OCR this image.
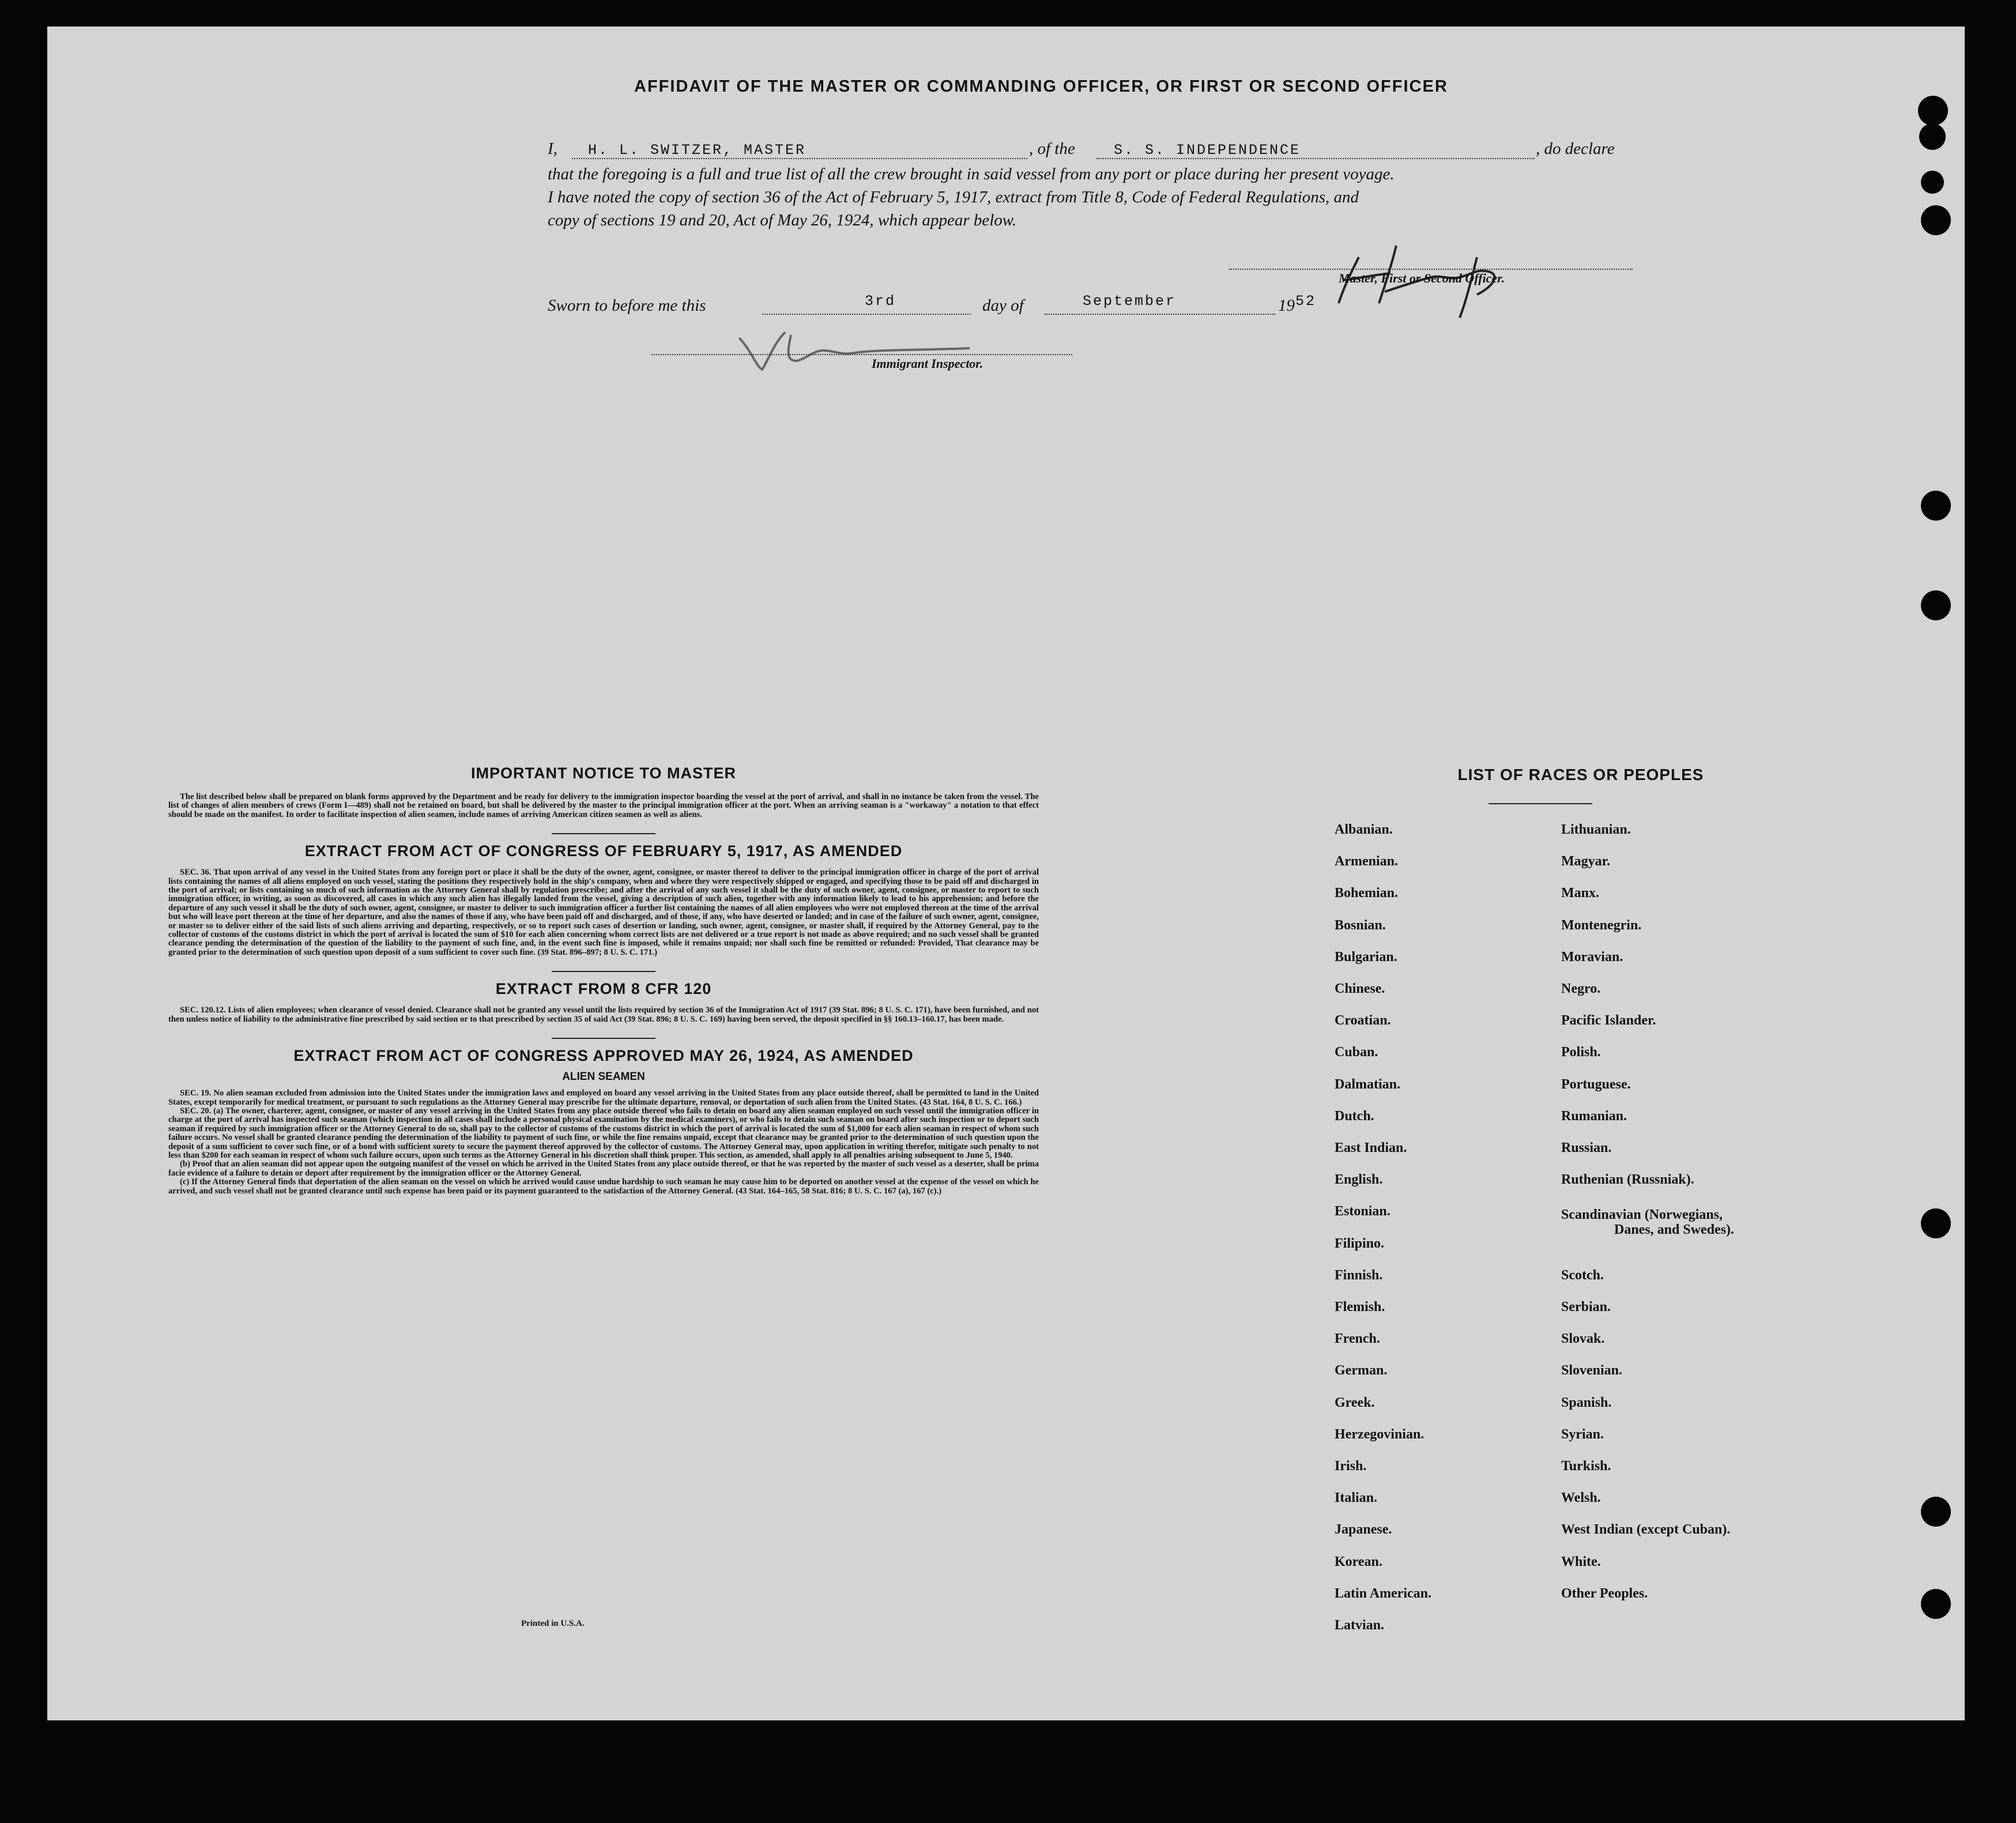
AFFIDAVIT OF THE MASTER OR COMMANDING OFFICER, OR FIRST OR SECOND OFFICER
I, H. L. SWITZER, MASTER	, of the	S. S. INDEPENDENCE	, do declare
that the foregoing is a full and true list of all the crew brought in said vessel from any port or place during her present voyage.
I have noted the copy of section 36 of the Act of February 5, 1917, extract from Title 8, Code of Federal Regulations, and
copy of sections 19 and 20, Act of May 26, 1924, which appear below.
Master, First or Second Officer.
Sworn to before me this	3rd	day of	September	19 52
Immigrant Inspector.
IMPORTANT NOTICE TO MASTER

The list described below shall be prepared on blank forms approved by the Department and be ready for delivery to the immigration inspector boarding the vessel at the port of arrival, and shall in no instance be taken from the vessel. The list of changes of alien members of crews (Form I—489) shall not be retained on board, but shall be delivered by the master to the principal immigration officer at the port. When an arriving seaman is a "workaway" a notation to that effect should be made on the manifest. In order to facilitate inspection of alien seamen, include names of arriving American citizen seamen as well as aliens.

EXTRACT FROM ACT OF CONGRESS OF FEBRUARY 5, 1917, AS AMENDED

SEC. 36. That upon arrival of any vessel in the United States from any foreign port or place it shall be the duty of the owner, agent, consignee, or master thereof to deliver to the principal immigration officer in charge of the port of arrival lists containing the names of all aliens employed on such vessel, stating the positions they respectively hold in the ship's company, when and where they were respectively shipped or engaged, and specifying those to be paid off and discharged in the port of arrival; or lists containing so much of such information as the Attorney General shall by regulation prescribe; and after the arrival of any such vessel it shall be the duty of such owner, agent, consignee, or master to report to such immigration officer, in writing, as soon as discovered, all cases in which any such alien has illegally landed from the vessel, giving a description of such alien, together with any information likely to lead to his apprehension; and before the departure of any such vessel it shall be the duty of such owner, agent, consignee, or master to deliver to such immigration officer a further list containing the names of all alien employees who were not employed thereon at the time of the arrival but who will leave port thereon at the time of her departure, and also the names of those if any, who have been paid off and discharged, and of those, if any, who have deserted or landed; and in case of the failure of such owner, agent, consignee, or master so to deliver either of the said lists of such aliens arriving and departing, respectively, or so to report such cases of desertion or landing, such owner, agent, consignee, or master shall, if required by the Attorney General, pay to the collector of customs of the customs district in which the port of arrival is located the sum of $10 for each alien concerning whom correct lists are not delivered or a true report is not made as above required; and no such vessel shall be granted clearance pending the determination of the question of the liability to the payment of such fine, and, in the event such fine is imposed, while it remains unpaid; nor shall such fine be remitted or refunded: Provided, That clearance may be granted prior to the determination of such question upon deposit of a sum sufficient to cover such fine. (39 Stat. 896–897; 8 U. S. C. 171.)

EXTRACT FROM 8 CFR 120

SEC. 120.12. Lists of alien employees; when clearance of vessel denied. Clearance shall not be granted any vessel until the lists required by section 36 of the Immigration Act of 1917 (39 Stat. 896; 8 U. S. C. 171), have been furnished, and not then unless notice of liability to the administrative fine prescribed by said section or to that prescribed by section 35 of said Act (39 Stat. 896; 8 U. S. C. 169) having been served, the deposit specified in §§ 160.13–160.17, has been made.

EXTRACT FROM ACT OF CONGRESS APPROVED MAY 26, 1924, AS AMENDED
ALIEN SEAMEN

SEC. 19. No alien seaman excluded from admission into the United States under the immigration laws and employed on board any vessel arriving in the United States from any place outside thereof, shall be permitted to land in the United States, except temporarily for medical treatment, or pursuant to such regulations as the Attorney General may prescribe for the ultimate departure, removal, or deportation of such alien from the United States. (43 Stat. 164, 8 U. S. C. 166.)

SEC. 20. (a) The owner, charterer, agent, consignee, or master of any vessel arriving in the United States from any place outside thereof who fails to detain on board any alien seaman employed on such vessel until the immigration officer in charge at the port of arrival has inspected such seaman (which inspection in all cases shall include a personal physical examination by the medical examiners), or who fails to detain such seaman on board after such inspection or to deport such seaman if required by such immigration officer or the Attorney General to do so, shall pay to the collector of customs of the customs district in which the port of arrival is located the sum of $1,000 for each alien seaman in respect of whom such failure occurs. No vessel shall be granted clearance pending the determination of the liability to payment of such fine, or while the fine remains unpaid, except that clearance may be granted prior to the determination of such question upon the deposit of a sum sufficient to cover such fine, or of a bond with sufficient surety to secure the payment thereof approved by the collector of customs. The Attorney General may, upon application in writing therefor, mitigate such penalty to not less than $200 for each seaman in respect of whom such failure occurs, upon such terms as the Attorney General in his discretion shall think proper. This section, as amended, shall apply to all penalties arising subsequent to June 5, 1940.

(b) Proof that an alien seaman did not appear upon the outgoing manifest of the vessel on which he arrived in the United States from any place outside thereof, or that he was reported by the master of such vessel as a deserter, shall be prima facie evidence of a failure to detain or deport after requirement by the immigration officer or the Attorney General.

(c) If the Attorney General finds that deportation of the alien seaman on the vessel on which he arrived would cause undue hardship to such seaman he may cause him to be deported on another vessel at the expense of the vessel on which he arrived, and such vessel shall not be granted clearance until such expense has been paid or its payment guaranteed to the satisfaction of the Attorney General. (43 Stat. 164–165, 58 Stat. 816; 8 U. S. C. 167 (a), 167 (c).)

Printed in U.S.A.
LIST OF RACES OR PEOPLES
Albanian.
Armenian.
Bohemian.
Bosnian.
Bulgarian.
Chinese.
Croatian.
Cuban.
Dalmatian.
Dutch.
East Indian.
English.
Estonian.
Filipino.
Finnish.
Flemish.
French.
German.
Greek.
Herzegovinian.
Irish.
Italian.
Japanese.
Korean.
Latin American.
Latvian.
Lithuanian.
Magyar.
Manx.
Montenegrin.
Moravian.
Negro.
Pacific Islander.
Polish.
Portuguese.
Rumanian.
Russian.
Ruthenian (Russniak).
Scandinavian (Norwegians,
Danes, and Swedes).
Scotch.
Serbian.
Slovak.
Slovenian.
Spanish.
Syrian.
Turkish.
Welsh.
West Indian (except Cuban).
White.
Other Peoples.
